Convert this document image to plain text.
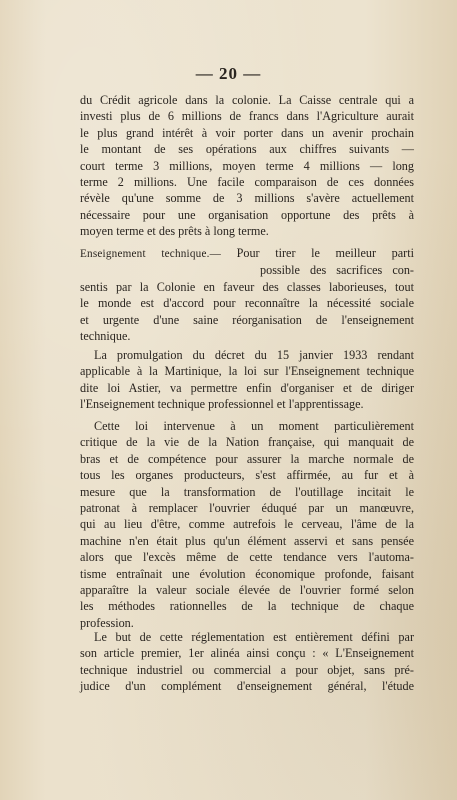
— 20 —
du Crédit agricole dans la colonie. La Caisse centrale qui a
investi plus de 6 millions de francs dans l'Agriculture aurait
le plus grand intérêt à voir porter dans un avenir prochain
le montant de ses opérations aux chiffres suivants —
court terme 3 millions, moyen terme 4 millions — long
terme 2 millions. Une facile comparaison de ces données
révèle qu'une somme de 3 millions s'avère actuellement
nécessaire pour une organisation opportune des prêts à
moyen terme et des prêts à long terme.
Enseignement technique.— Pour tirer le meilleur parti
possible des sacrifices con-
sentis par la Colonie en faveur des classes laborieuses, tout
le monde est d'accord pour reconnaître la nécessité sociale
et urgente d'une saine réorganisation de l'enseignement
technique.
La promulgation du décret du 15 janvier 1933 rendant
applicable à la Martinique, la loi sur l'Enseignement technique
dite loi Astier, va permettre enfin d'organiser et de diriger
l'Enseignement technique professionnel et l'apprentissage.
Cette loi intervenue à un moment particulièrement
critique de la vie de la Nation française, qui manquait de
bras et de compétence pour assurer la marche normale de
tous les organes producteurs, s'est affirmée, au fur et à
mesure que la transformation de l'outillage incitait le
patronat à remplacer l'ouvrier éduqué par un manœuvre,
qui au lieu d'être, comme autrefois le cerveau, l'âme de la
machine n'en était plus qu'un élément asservi et sans pensée
alors que l'excès même de cette tendance vers l'automa-
tisme entraînait une évolution économique profonde, faisant
apparaître la valeur sociale élevée de l'ouvrier formé selon
les méthodes rationnelles de la technique de chaque
profession.
Le but de cette réglementation est entièrement défini par
son article premier, 1er alinéa ainsi conçu : « L'Enseignement
technique industriel ou commercial a pour objet, sans pré-
judice d'un complément d'enseignement général, l'étude
